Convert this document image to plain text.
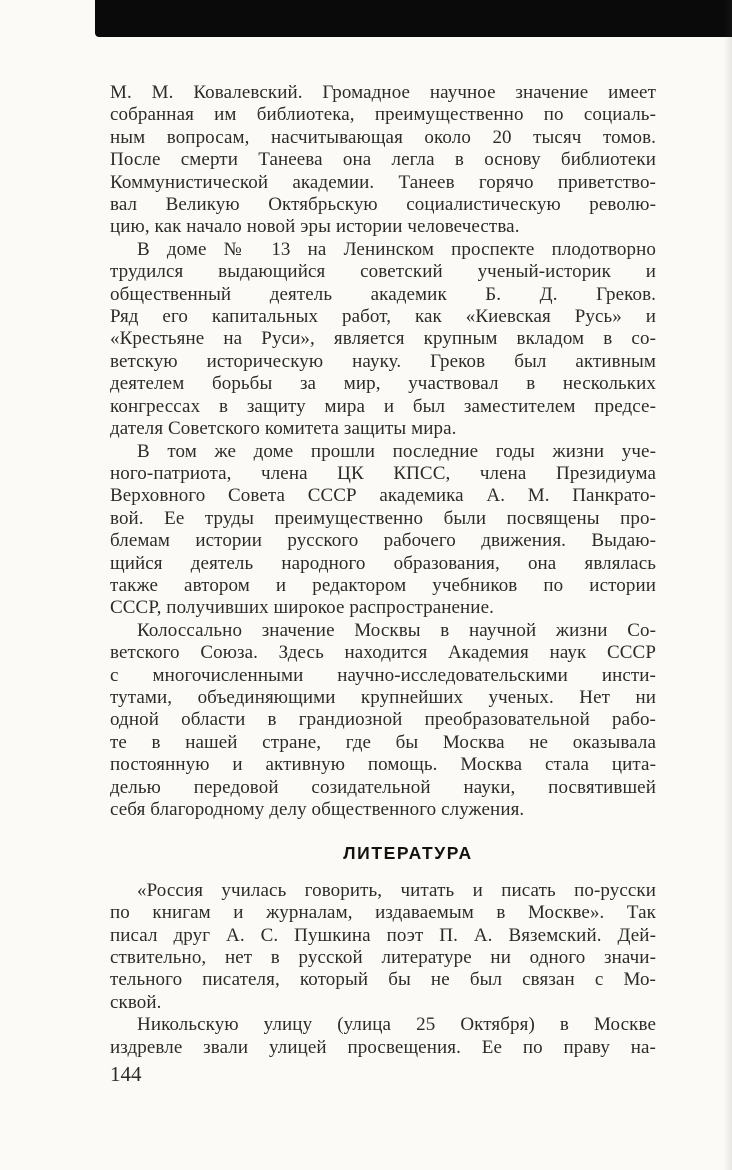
М. М. Ковалевский. Громадное научное значение имеет
собранная им библиотека, преимущественно по социаль-
ным вопросам, насчитывающая около 20 тысяч томов.
После смерти Танеева она легла в основу библиотеки
Коммунистической академии. Танеев горячо приветство-
вал Великую Октябрьскую социалистическую револю-
цию, как начало новой эры истории человечества.
В доме № 13 на Ленинском проспекте плодотворно
трудился выдающийся советский ученый-историк и
общественный деятель академик Б. Д. Греков.
Ряд его капитальных работ, как «Киевская Русь» и
«Крестьяне на Руси», является крупным вкладом в со-
ветскую историческую науку. Греков был активным
деятелем борьбы за мир, участвовал в нескольких
конгрессах в защиту мира и был заместителем предсе-
дателя Советского комитета защиты мира.
В том же доме прошли последние годы жизни уче-
ного-патриота, члена ЦК КПСС, члена Президиума
Верховного Совета СССР академика А. М. Панкрато-
вой. Ее труды преимущественно были посвящены про-
блемам истории русского рабочего движения. Выдаю-
щийся деятель народного образования, она являлась
также автором и редактором учебников по истории
СССР, получивших широкое распространение.
Колоссально значение Москвы в научной жизни Со-
ветского Союза. Здесь находится Академия наук СССР
с многочисленными научно-исследовательскими инсти-
тутами, объединяющими крупнейших ученых. Нет ни
одной области в грандиозной преобразовательной рабо-
те в нашей стране, где бы Москва не оказывала
постоянную и активную помощь. Москва стала цита-
делью передовой созидательной науки, посвятившей
себя благородному делу общественного служения.
ЛИТЕРАТУРА
«Россия училась говорить, читать и писать по-русски
по книгам и журналам, издаваемым в Москве». Так
писал друг А. С. Пушкина поэт П. А. Вяземский. Дей-
ствительно, нет в русской литературе ни одного значи-
тельного писателя, который бы не был связан с Мо-
сквой.
Никольскую улицу (улица 25 Октября) в Москве
издревле звали улицей просвещения. Ее по праву на-
144
